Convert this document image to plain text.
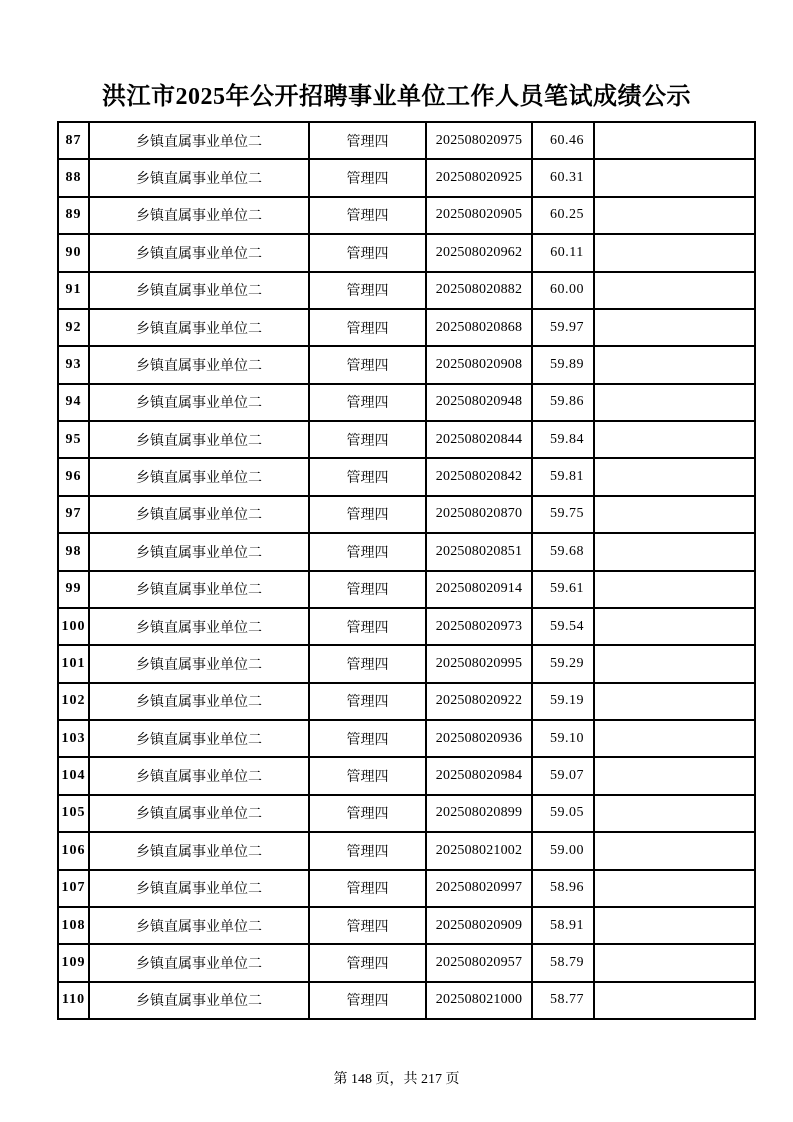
洪江市2025年公开招聘事业单位工作人员笔试成绩公示
87	乡镇直属事业单位二	管理四	202508020975	60.46	
88	乡镇直属事业单位二	管理四	202508020925	60.31	
89	乡镇直属事业单位二	管理四	202508020905	60.25	
90	乡镇直属事业单位二	管理四	202508020962	60.11	
91	乡镇直属事业单位二	管理四	202508020882	60.00	
92	乡镇直属事业单位二	管理四	202508020868	59.97	
93	乡镇直属事业单位二	管理四	202508020908	59.89	
94	乡镇直属事业单位二	管理四	202508020948	59.86	
95	乡镇直属事业单位二	管理四	202508020844	59.84	
96	乡镇直属事业单位二	管理四	202508020842	59.81	
97	乡镇直属事业单位二	管理四	202508020870	59.75	
98	乡镇直属事业单位二	管理四	202508020851	59.68	
99	乡镇直属事业单位二	管理四	202508020914	59.61	
100	乡镇直属事业单位二	管理四	202508020973	59.54	
101	乡镇直属事业单位二	管理四	202508020995	59.29	
102	乡镇直属事业单位二	管理四	202508020922	59.19	
103	乡镇直属事业单位二	管理四	202508020936	59.10	
104	乡镇直属事业单位二	管理四	202508020984	59.07	
105	乡镇直属事业单位二	管理四	202508020899	59.05	
106	乡镇直属事业单位二	管理四	202508021002	59.00	
107	乡镇直属事业单位二	管理四	202508020997	58.96	
108	乡镇直属事业单位二	管理四	202508020909	58.91	
109	乡镇直属事业单位二	管理四	202508020957	58.79	
110	乡镇直属事业单位二	管理四	202508021000	58.77	
第 148 页，共 217 页
